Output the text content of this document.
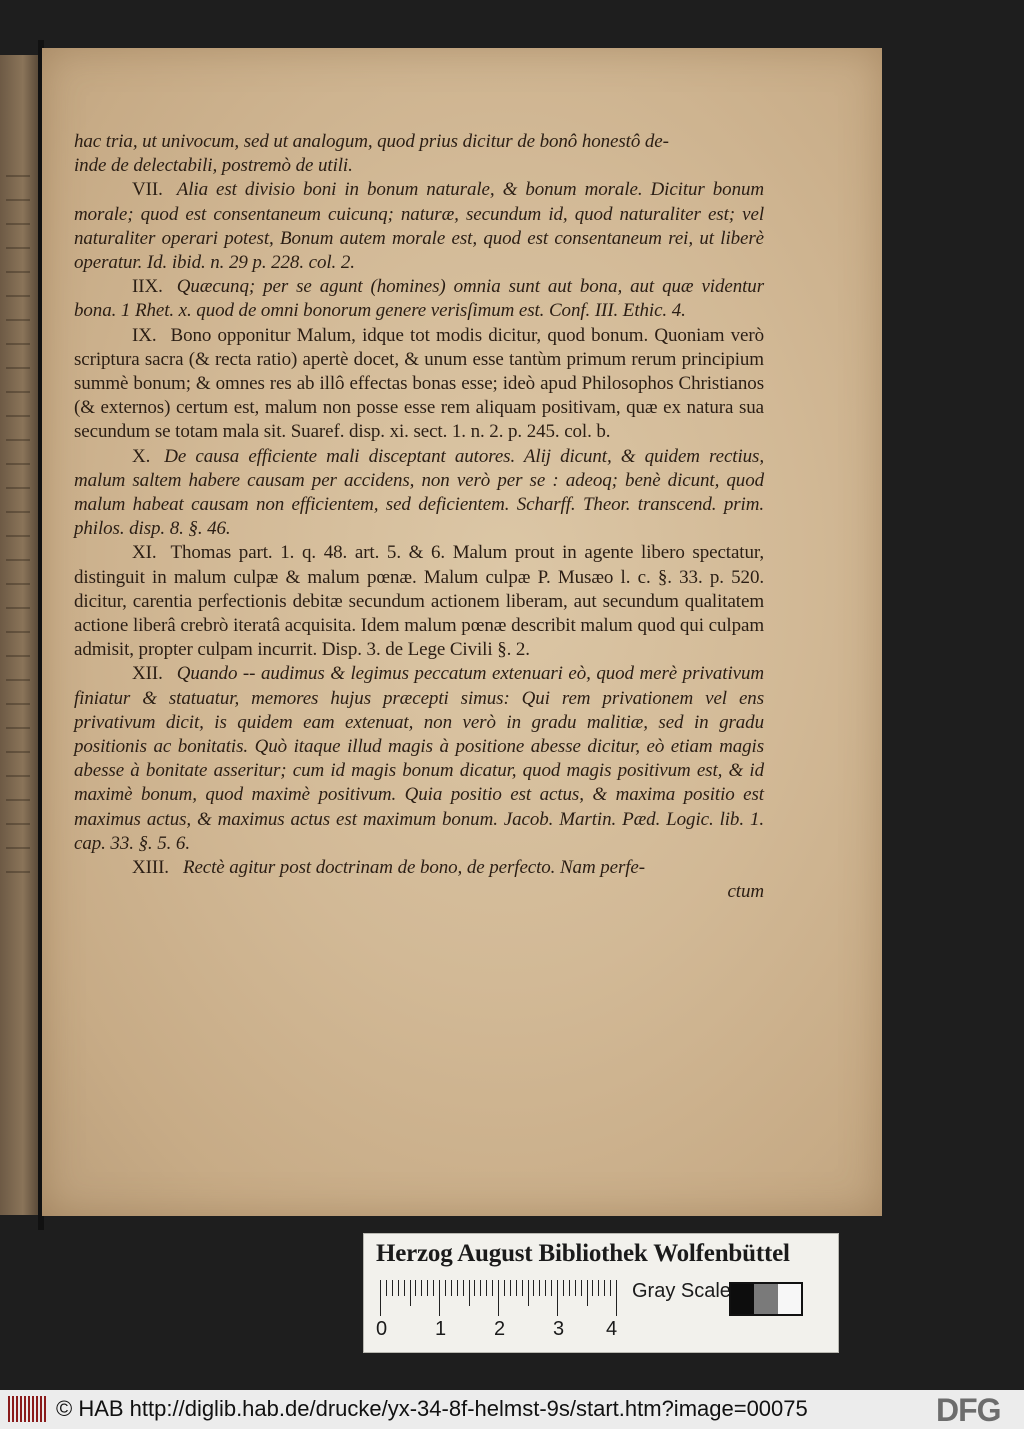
hac tria, ut univocum, sed ut analogum, quod prius dicitur de bonô honestô de-

inde de delectabili, postremò de utili.

VII. Alia est divisio boni in bonum naturale, & bonum morale. Dicitur bonum morale; quod est consentaneum cuicunq; naturæ, secundum id, quod naturaliter est; vel naturaliter operari potest, Bonum autem morale est, quod est consentaneum rei, ut liberè operatur. Id. ibid. n. 29 p. 228. col. 2.

IIX. Quæcunq; per se agunt (homines) omnia sunt aut bona, aut quæ videntur bona. 1 Rhet. x. quod de omni bonorum genere verisſimum est. Conf. III. Ethic. 4.

IX. Bono opponitur Malum, idque tot modis dicitur, quod bonum. Quoniam verò scriptura sacra (& recta ratio) apertè docet, & unum esse tantùm primum rerum principium summè bonum; & omnes res ab illô effectas bonas esse; ideò apud Philosophos Christianos (& externos) certum est, malum non posse esse rem aliquam positivam, quæ ex natura sua secundum se totam mala sit. Suaref. disp. xi. sect. 1. n. 2. p. 245. col. b.

X. De causa efficiente mali disceptant autores. Alij dicunt, & quidem rectius, malum saltem habere causam per accidens, non verò per se : adeoq; benè dicunt, quod malum habeat causam non efficientem, sed deficientem. Scharff. Theor. transcend. prim. philos. disp. 8. §. 46.

XI. Thomas part. 1. q. 48. art. 5. & 6. Malum prout in agente libero spectatur, distinguit in malum culpæ & malum pœnæ. Malum culpæ P. Musæo l. c. §. 33. p. 520. dicitur, carentia perfectionis debitæ secundum actionem liberam, aut secundum qualitatem actione liberâ crebrò iteratâ acquisita. Idem malum pœnæ describit malum quod qui culpam admisit, propter culpam incurrit. Disp. 3. de Lege Civili §. 2.

XII. Quando -- audimus & legimus peccatum extenuari eò, quod merè privativum finiatur & statuatur, memores hujus præcepti simus: Qui rem privationem vel ens privativum dicit, is quidem eam extenuat, non verò in gradu malitiæ, sed in gradu positionis ac bonitatis. Quò itaque illud magis à positione abesse dicitur, eò etiam magis abesse à bonitate asseritur; cum id magis bonum dicatur, quod magis positivum est, & id maximè bonum, quod maximè positivum. Quia positio est actus, & maxima positio est maximus actus, & maximus actus est maximum bonum. Jacob. Martin. Pæd. Logic. lib. 1. cap. 33. §. 5. 6.

XIII. Rectè agitur post doctrinam de bono, de perfecto. Nam perfe-

ctum

Herzog August Bibliothek Wolfenbüttel
0 1 2 3 4
Gray Scale
© HAB http://diglib.hab.de/drucke/yx-34-8f-helmst-9s/start.htm?image=00075	DFG
